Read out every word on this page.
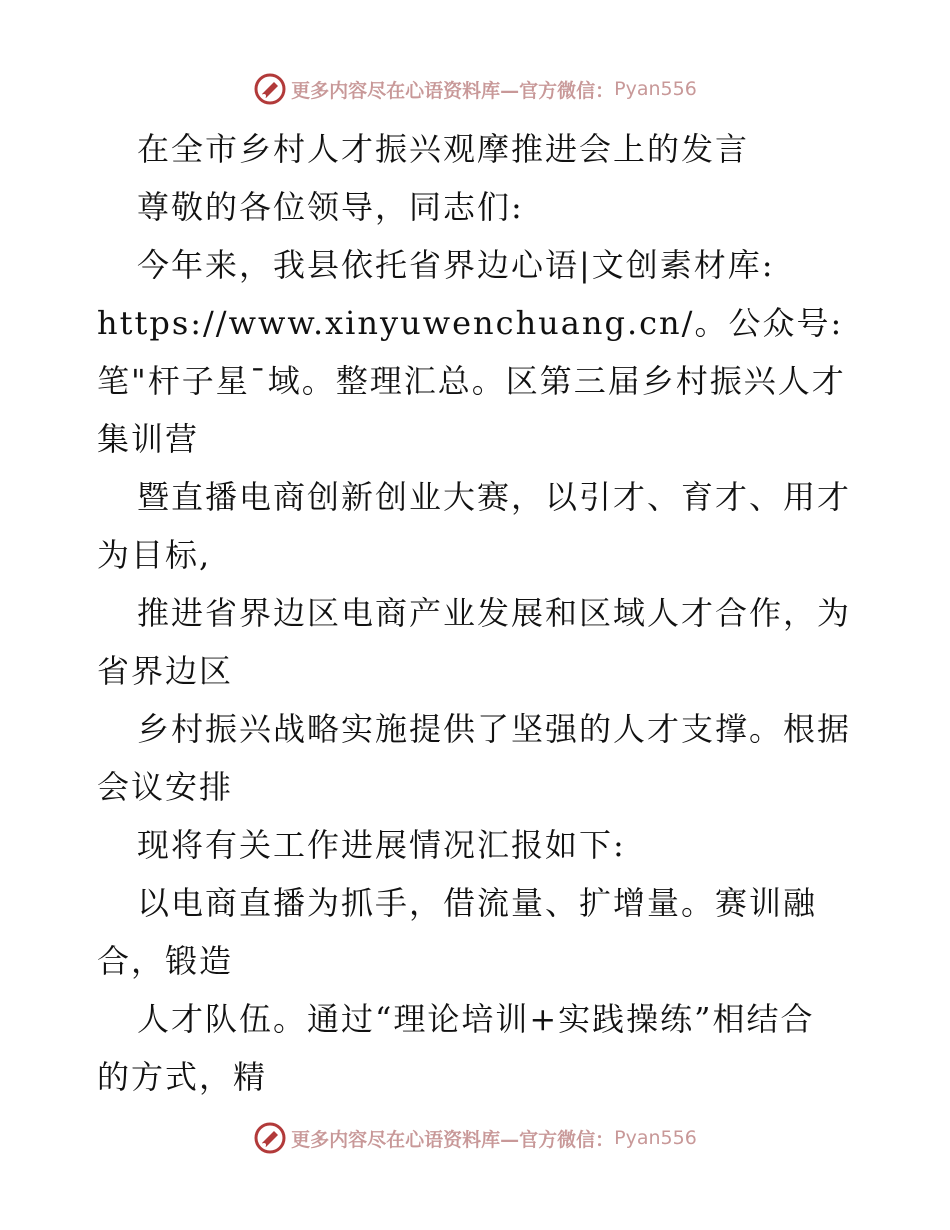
更多内容尽在心语资料库—官方微信： Pyan556
在全市乡村人才振兴观摩推进会上的发言
尊敬的各位领导，同志们:
今年来，我县依托省界边心语|文创素材库:
https://www.xinyuwenchuang.cn/。公众号:
笔"杆子星¯域。整理汇总。区第三届乡村振兴人才
集训营
暨直播电商创新创业大赛，以引才、育才、用才
为目标,
推进省界边区电商产业发展和区域人才合作，为
省界边区
乡村振兴战略实施提供了坚强的人才支撑。根据
会议安排
现将有关工作进展情况汇报如下:
以电商直播为抓手，借流量、扩增量。赛训融
合，锻造
人才队伍。通过“理论培训+实践操练”相结合
的方式，精
更多内容尽在心语资料库—官方微信： Pyan556
